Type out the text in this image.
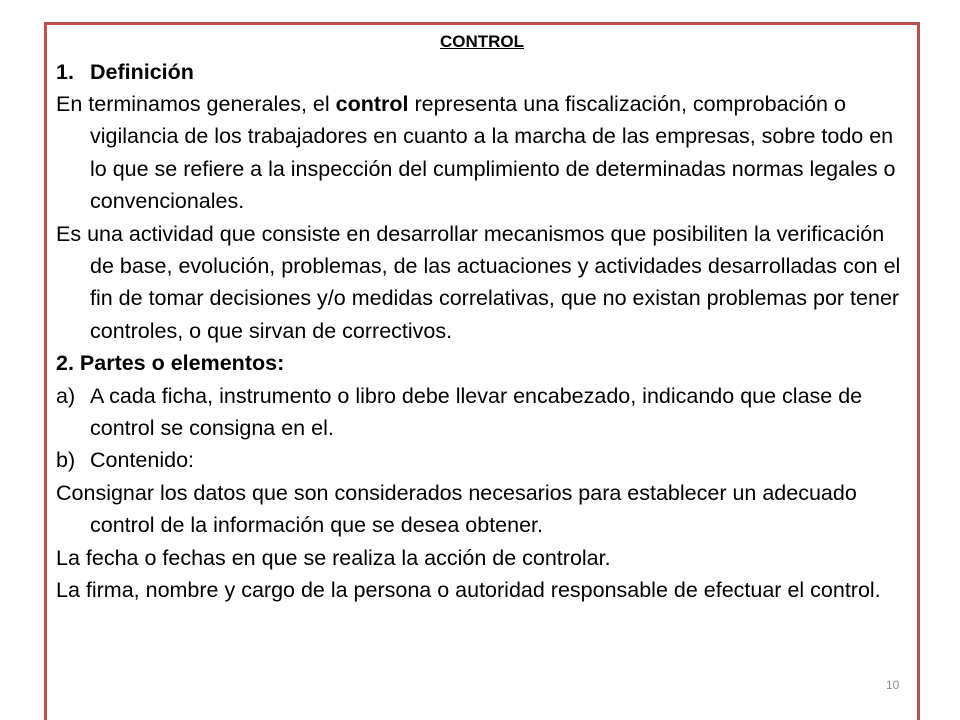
CONTROL

1. Definición

En terminamos generales, el control representa una fiscalización, comprobación o vigilancia de los trabajadores en cuanto a la marcha de las empresas, sobre todo en lo que se refiere a la inspección del cumplimiento de determinadas normas legales o convencionales.

Es una actividad que consiste en desarrollar mecanismos que posibiliten la verificación de base, evolución, problemas, de las actuaciones y actividades desarrolladas con el fin de tomar decisiones y/o medidas correlativas, que no existan problemas por tener controles, o que sirvan de correctivos.

2. Partes o elementos:

a) A cada ficha, instrumento o libro debe llevar encabezado, indicando que clase de control se consigna en el.
b) Contenido:

Consignar los datos que son considerados necesarios para establecer un adecuado control de la información que se desea obtener.

La fecha o fechas en que se realiza la acción de controlar.

La firma, nombre y cargo de la persona o autoridad responsable de efectuar el control.

10
